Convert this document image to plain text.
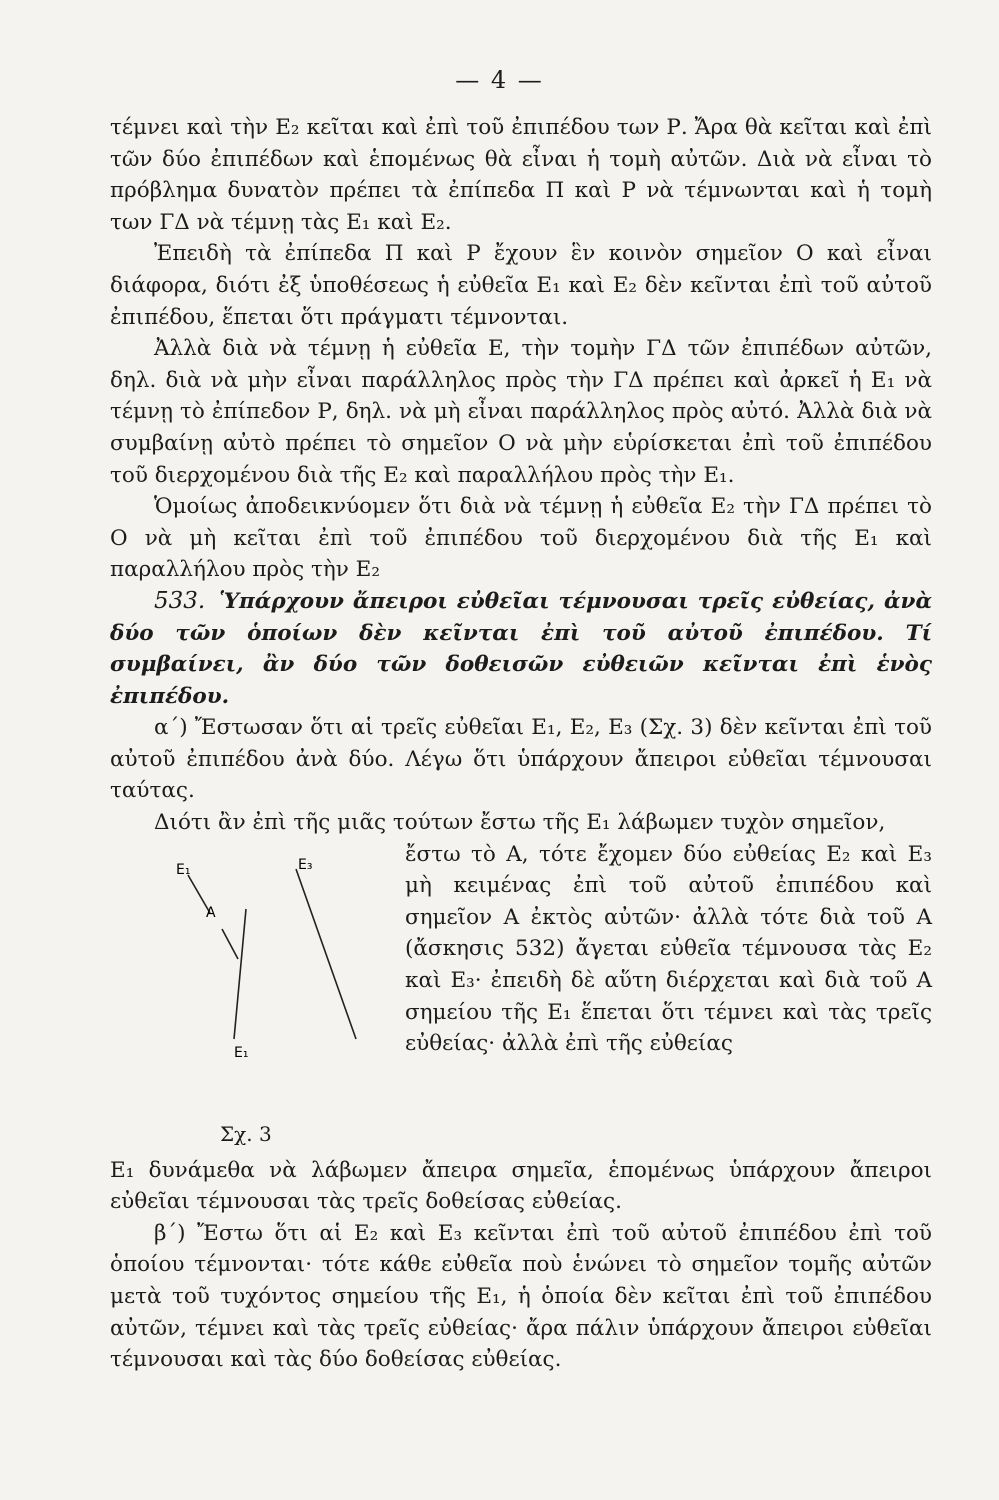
— 4 —

τέμνει καὶ τὴν Ε₂ κεῖται καὶ ἐπὶ τοῦ ἐπιπέδου των Ρ. Ἄρα θὰ κεῖται καὶ ἐπὶ τῶν δύο ἐπιπέδων καὶ ἑπομένως θὰ εἶναι ἡ τομὴ αὐτῶν. Διὰ νὰ εἶναι τὸ πρόβλημα δυνατὸν πρέπει τὰ ἐπίπεδα Π καὶ Ρ νὰ τέμνωνται καὶ ἡ τομὴ των ΓΔ νὰ τέμνῃ τὰς Ε₁ καὶ Ε₂.

Ἐπειδὴ τὰ ἐπίπεδα Π καὶ Ρ ἔχουν ἓν κοινὸν σημεῖον Ο καὶ εἶναι διάφορα, διότι ἐξ ὑποθέσεως ἡ εὐθεῖα Ε₁ καὶ Ε₂ δὲν κεῖνται ἐπὶ τοῦ αὐτοῦ ἐπιπέδου, ἕπεται ὅτι πράγματι τέμνονται.

Ἀλλὰ διὰ νὰ τέμνῃ ἡ εὐθεῖα Ε, τὴν τομὴν ΓΔ τῶν ἐπιπέδων αὐτῶν, δηλ. διὰ νὰ μὴν εἶναι παράλληλος πρὸς τὴν ΓΔ πρέπει καὶ ἀρκεῖ ἡ Ε₁ νὰ τέμνῃ τὸ ἐπίπεδον Ρ, δηλ. νὰ μὴ εἶναι παράλληλος πρὸς αὐτό. Ἀλλὰ διὰ νὰ συμβαίνῃ αὐτὸ πρέπει τὸ σημεῖον Ο νὰ μὴν εὑρίσκεται ἐπὶ τοῦ ἐπιπέδου τοῦ διερχομένου διὰ τῆς Ε₂ καὶ παραλλήλου πρὸς τὴν Ε₁.

Ὁμοίως ἀποδεικνύομεν ὅτι διὰ νὰ τέμνῃ ἡ εὐθεῖα Ε₂ τὴν ΓΔ πρέπει τὸ Ο νὰ μὴ κεῖται ἐπὶ τοῦ ἐπιπέδου τοῦ διερχομένου διὰ τῆς Ε₁ καὶ παραλλήλου πρὸς τὴν Ε₂

533. Ὑπάρχουν ἄπειροι εὐθεῖαι τέμνουσαι τρεῖς εὐθείας, ἀνὰ δύο τῶν ὁποίων δὲν κεῖνται ἐπὶ τοῦ αὐτοῦ ἐπιπέδου. Τί συμβαίνει, ἂν δύο τῶν δοθεισῶν εὐθειῶν κεῖνται ἐπὶ ἑνὸς ἐπιπέδου.

α΄) Ἔστωσαν ὅτι αἱ τρεῖς εὐθεῖαι Ε₁, Ε₂, Ε₃ (Σχ. 3) δὲν κεῖνται ἐπὶ τοῦ αὐτοῦ ἐπιπέδου ἀνὰ δύο. Λέγω ὅτι ὑπάρχουν ἄπειροι εὐθεῖαι τέμνουσαι ταύτας.

Διότι ἂν ἐπὶ τῆς μιᾶς τούτων ἔστω τῆς Ε₁ λάβωμεν τυχὸν σημεῖον,

Ε₁
Α
Ε₃
Ε₁
Σχ. 3

ἔστω τὸ Α, τότε ἔχομεν δύο εὐθείας Ε₂ καὶ Ε₃ μὴ κειμένας ἐπὶ τοῦ αὐτοῦ ἐπιπέδου καὶ σημεῖον Α ἐκτὸς αὐτῶν· ἀλλὰ τότε διὰ τοῦ Α (ἄσκησις 532) ἄγεται εὐθεῖα τέμνουσα τὰς Ε₂ καὶ Ε₃· ἐπειδὴ δὲ αὕτη διέρχεται καὶ διὰ τοῦ Α σημείου τῆς Ε₁ ἕπεται ὅτι τέμνει καὶ τὰς τρεῖς εὐθείας· ἀλλὰ ἐπὶ τῆς εὐθείας

Ε₁ δυνάμεθα νὰ λάβωμεν ἄπειρα σημεῖα, ἑπομένως ὑπάρχουν ἄπειροι εὐθεῖαι τέμνουσαι τὰς τρεῖς δοθείσας εὐθείας.

β΄) Ἔστω ὅτι αἱ Ε₂ καὶ Ε₃ κεῖνται ἐπὶ τοῦ αὐτοῦ ἐπιπέδου ἐπὶ τοῦ ὁποίου τέμνονται· τότε κάθε εὐθεῖα ποὺ ἑνώνει τὸ σημεῖον τομῆς αὐτῶν μετὰ τοῦ τυχόντος σημείου τῆς Ε₁, ἡ ὁποία δὲν κεῖται ἐπὶ τοῦ ἐπιπέδου αὐτῶν, τέμνει καὶ τὰς τρεῖς εὐθείας· ἄρα πάλιν ὑπάρχουν ἄπειροι εὐθεῖαι τέμνουσαι καὶ τὰς δύο δοθείσας εὐθείας.
